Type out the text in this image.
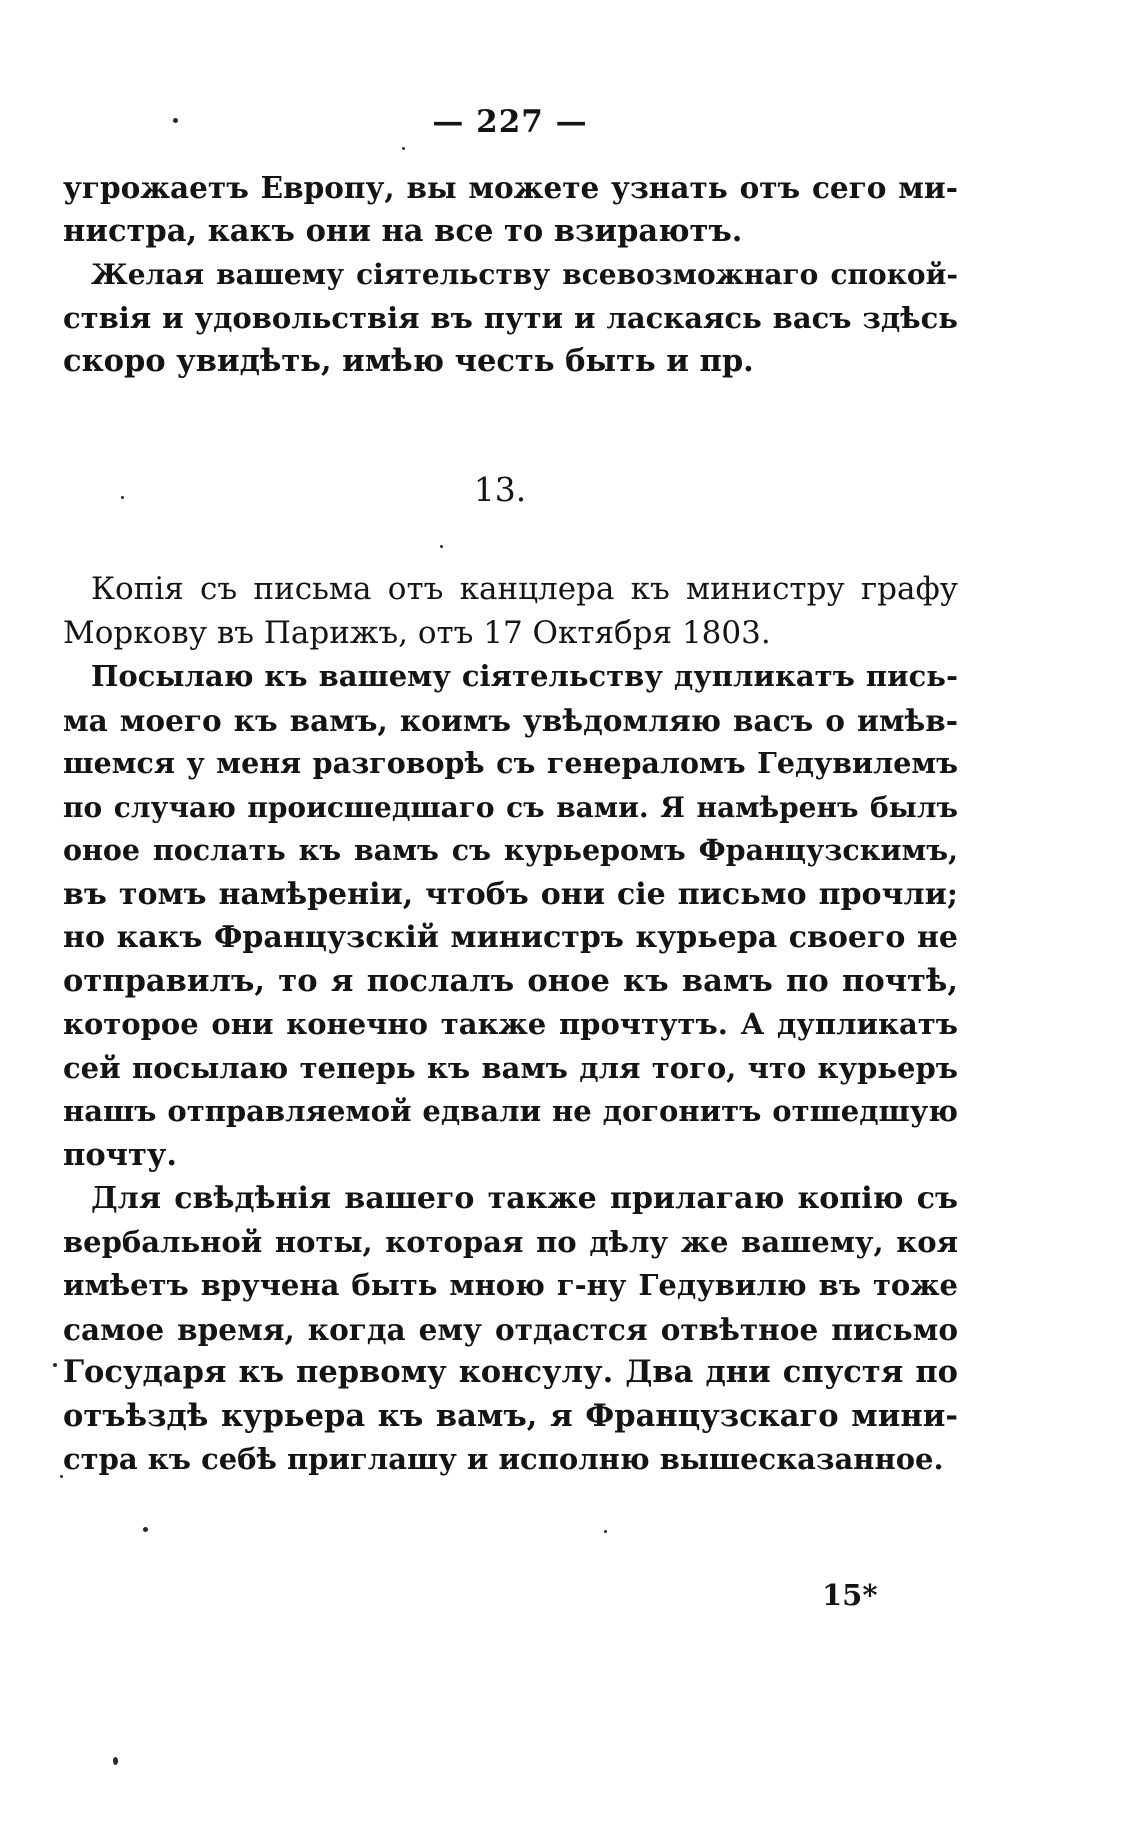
— 227 —
угрожаетъ Европу, вы можете узнать отъ сего ми-
нистра, какъ они на все то взираютъ.
Желая вашему сіятельству всевозможнаго спокой-
ствія и удовольствія въ пути и ласкаясь васъ здѣсь
скоро увидѣть, имѣю честь быть и пр.
13.
Копія съ письма отъ канцлера къ министру графу
Моркову въ Парижъ, отъ 17 Октября 1803.
Посылаю къ вашему сіятельству дупликатъ пись-
ма моего къ вамъ, коимъ увѣдомляю васъ о имѣв-
шемся у меня разговорѣ съ генераломъ Гедувилемъ
по случаю происшедшаго съ вами. Я намѣренъ былъ
оное послать къ вамъ съ курьеромъ Французскимъ,
въ томъ намѣреніи, чтобъ они сіе письмо прочли;
но какъ Французскій министръ курьера своего не
отправилъ, то я послалъ оное къ вамъ по почтѣ,
которое они конечно также прочтутъ. А дупликатъ
сей посылаю теперь къ вамъ для того, что курьеръ
нашъ отправляемой едвали не догонитъ отшедшую
почту.
Для свѣдѣнія вашего также прилагаю копію съ
вербальной ноты, которая по дѣлу же вашему, коя
имѣетъ вручена быть мною г-ну Гедувилю въ тоже
самое время, когда ему отдастся отвѣтное письмо
Государя къ первому консулу. Два дни спустя по
отъѣздѣ курьера къ вамъ, я Французскаго мини-
стра къ себѣ приглашу и исполню вышесказанное.
15*
